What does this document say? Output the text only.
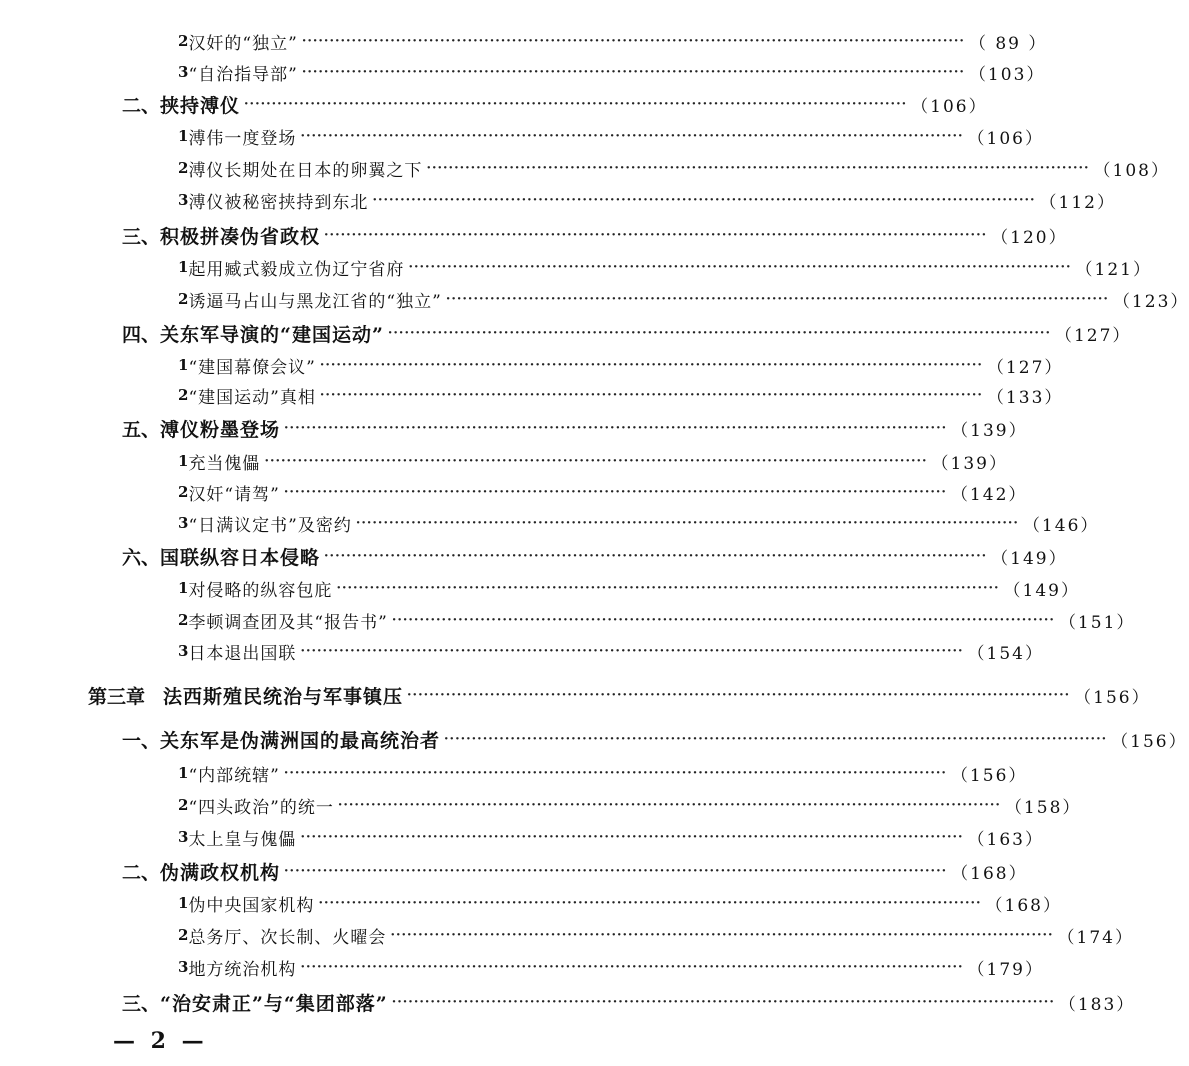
2 汉奸的“独立” ························································································································ （ 89 ）
3 “自治指导部” ························································································································ （103）
二、 挟持溥仪 ························································································································ （106）
1 溥伟一度登场 ························································································································ （106）
2 溥仪长期处在日本的卵翼之下 ························································································································ （108）
3 溥仪被秘密挟持到东北 ························································································································ （112）
三、 积极拼凑伪省政权 ························································································································ （120）
1 起用臧式毅成立伪辽宁省府 ························································································································ （121）
2 诱逼马占山与黑龙江省的“独立” ························································································································ （123）
四、 关东军导演的“建国运动” ························································································································ （127）
1 “建国幕僚会议” ························································································································ （127）
2 “建国运动”真相 ························································································································ （133）
五、 溥仪粉墨登场 ························································································································ （139）
1 充当傀儡 ························································································································ （139）
2 汉奸“请驾” ························································································································ （142）
3 “日满议定书”及密约 ························································································································ （146）
六、 国联纵容日本侵略 ························································································································ （149）
1 对侵略的纵容包庇 ························································································································ （149）
2 李顿调查团及其“报告书” ························································································································ （151）
3 日本退出国联 ························································································································ （154）
第三章 法西斯殖民统治与军事镇压 ························································································································ （156）
一、 关东军是伪满洲国的最高统治者 ························································································································ （156）
1 “内部统辖” ························································································································ （156）
2 “四头政治”的统一 ························································································································ （158）
3 太上皇与傀儡 ························································································································ （163）
二、 伪满政权机构 ························································································································ （168）
1 伪中央国家机构 ························································································································ （168）
2 总务厅、次长制、火曜会 ························································································································ （174）
3 地方统治机构 ························································································································ （179）
三、 “治安肃正”与“集团部落” ························································································································ （183）
— 2 —
